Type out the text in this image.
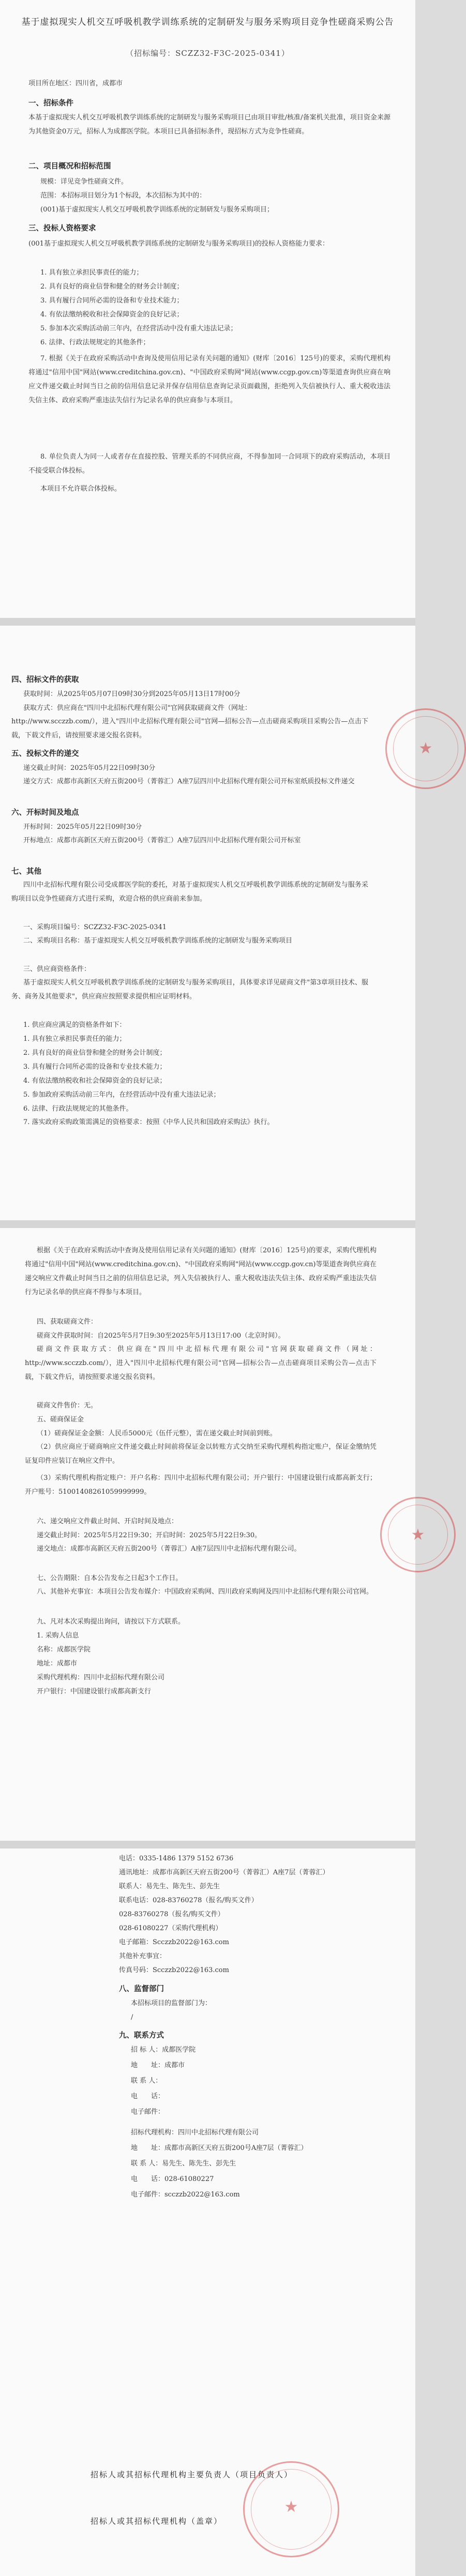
基于虚拟现实人机交互呼吸机教学训练系统的定制研发与服务采购项目竞争性磋商采购公告
（招标编号：SCZZ32-F3C-2025-0341）
项目所在地区：四川省，成都市
一、招标条件
本基于虚拟现实人机交互呼吸机教学训练系统的定制研发与服务采购项目已由项目审批/核准/备案机关批准，项目资金来源为其他资金0万元，招标人为成都医学院。本项目已具备招标条件，现招标方式为竞争性磋商。
二、项目概况和招标范围
规模：详见竞争性磋商文件。
范围：本招标项目划分为1个标段，本次招标为其中的：
(001)基于虚拟现实人机交互呼吸机教学训练系统的定制研发与服务采购项目；
三、投标人资格要求
(001基于虚拟现实人机交互呼吸机教学训练系统的定制研发与服务采购项目)的投标人资格能力要求：
1. 具有独立承担民事责任的能力；
2. 具有良好的商业信誉和健全的财务会计制度；
3. 具有履行合同所必需的设备和专业技术能力；
4. 有依法缴纳税收和社会保障资金的良好记录；
5. 参加本次采购活动前三年内，在经营活动中没有重大违法记录；
6. 法律、行政法规规定的其他条件；
7. 根据《关于在政府采购活动中查询及使用信用记录有关问题的通知》(财库〔2016〕125号)的要求，采购代理机构将通过"信用中国"网站(www.creditchina.gov.cn)、"中国政府采购网"网站(www.ccgp.gov.cn)等渠道查询供应商在响应文件递交截止时间当日之前的信用信息记录并保存信用信息查询记录页面截图，拒绝列入失信被执行人、重大税收违法失信主体、政府采购严重违法失信行为记录名单的供应商参与本项目。
8. 单位负责人为同一人或者存在直接控股、管理关系的不同供应商，不得参加同一合同项下的政府采购活动，本项目不接受联合体投标。
本项目不允许联合体投标。
四、招标文件的获取
获取时间：从2025年05月07日09时30分到2025年05月13日17时00分
获取方式：供应商在"四川中北招标代理有限公司"官网获取磋商文件（网址：
http://www.scczzb.com/），进入"四川中北招标代理有限公司"官网—招标公告—点击磋商采购项目采购公告—点击下载，下载文件后，请按照要求递交报名资料。
五、投标文件的递交
递交截止时间：2025年05月22日09时30分
递交方式：成都市高新区天府五街200号（菁蓉汇）A座7层四川中北招标代理有限公司开标室纸质投标文件递交
六、开标时间及地点
开标时间：2025年05月22日09时30分
开标地点：成都市高新区天府五街200号（菁蓉汇）A座7层四川中北招标代理有限公司开标室
七、其他
四川中北招标代理有限公司受成都医学院的委托，对基于虚拟现实人机交互呼吸机教学训练系统的定制研发与服务采购项目以竞争性磋商方式进行采购，欢迎合格的供应商前来参加。
一、采购项目编号：SCZZ32-F3C-2025-0341
二、采购项目名称：基于虚拟现实人机交互呼吸机教学训练系统的定制研发与服务采购项目
三、供应商资格条件：
基于虚拟现实人机交互呼吸机教学训练系统的定制研发与服务采购项目，具体要求详见磋商文件"第3章项目技术、服务、商务及其他要求"，供应商应按照要求提供相应证明材料。
1. 供应商应满足的资格条件如下：
1. 具有独立承担民事责任的能力；
2. 具有良好的商业信誉和健全的财务会计制度；
3. 具有履行合同所必需的设备和专业技术能力；
4. 有依法缴纳税收和社会保障资金的良好记录；
5. 参加政府采购活动前三年内，在经营活动中没有重大违法记录；
6. 法律、行政法规规定的其他条件。
7. 落实政府采购政策需满足的资格要求：按照《中华人民共和国政府采购法》执行。
★
根据《关于在政府采购活动中查询及使用信用记录有关问题的通知》(财库〔2016〕125号)的要求，采购代理机构将通过"信用中国"网站(www.creditchina.gov.cn)、"中国政府采购网"网站(www.ccgp.gov.cn)等渠道查询供应商在递交响应文件截止时间当日之前的信用信息记录，列入失信被执行人、重大税收违法失信主体、政府采购严重违法失信行为记录名单的供应商不得参与本项目。
四、获取磋商文件：
磋商文件获取时间：自2025年5月7日9:30至2025年5月13日17:00（北京时间）。
磋商文件获取方式：供应商在"四川中北招标代理有限公司"官网获取磋商文件（网址：http://www.scczzb.com/），进入"四川中北招标代理有限公司"官网—招标公告—点击磋商项目采购公告—点击下载，下载文件后，请按照要求递交报名资料。
磋商文件售价：无。
五、磋商保证金
（1）磋商保证金金额：人民币5000元（伍仟元整），需在递交截止时间前到账。
（2）供应商应于磋商响应文件递交截止时间前将保证金以转账方式交纳至采购代理机构指定账户，保证金缴纳凭证复印件应装订在响应文件中。
（3）采购代理机构指定账户：开户名称：四川中北招标代理有限公司；开户银行：中国建设银行成都高新支行；开户账号：51001408261059999999。
六、递交响应文件截止时间、开启时间及地点：
递交截止时间：2025年5月22日9:30；开启时间：2025年5月22日9:30。
递交地点：成都市高新区天府五街200号（菁蓉汇）A座7层四川中北招标代理有限公司。
七、公告期限：自本公告发布之日起3个工作日。
八、其他补充事宜：本项目公告发布媒介：中国政府采购网、四川政府采购网及四川中北招标代理有限公司官网。
九、凡对本次采购提出询问，请按以下方式联系。
1. 采购人信息
名称：成都医学院
地址：成都市
采购代理机构：四川中北招标代理有限公司
开户银行：中国建设银行成都高新支行
★
电话：0335-1486 1379 5152 6736
通讯地址：成都市高新区天府五街200号（菁蓉汇）A座7层（菁蓉汇）
联系人：易先生、陈先生、彭先生
联系电话：028-83760278（报名/购买文件）
028-83760278（报名/购买文件）
028-61080227（采购代理机构）
电子邮箱：Scczzb2022@163.com
其他补充事宜：
传真号码：Scczzb2022@163.com
八、监督部门
本招标项目的监督部门为：
/
九、联系方式
招 标 人：成都医学院
地　　址：成都市
联 系 人：
电　　话：
电子邮件：
招标代理机构：四川中北招标代理有限公司
地　　址：成都市高新区天府五街200号A座7层（菁蓉汇）
联 系 人：易先生、陈先生、彭先生
电　　话：028-61080227
电子邮件：scczzb2022@163.com
招标人或其招标代理机构主要负责人（项目负责人）
招标人或其招标代理机构（盖章）
★
